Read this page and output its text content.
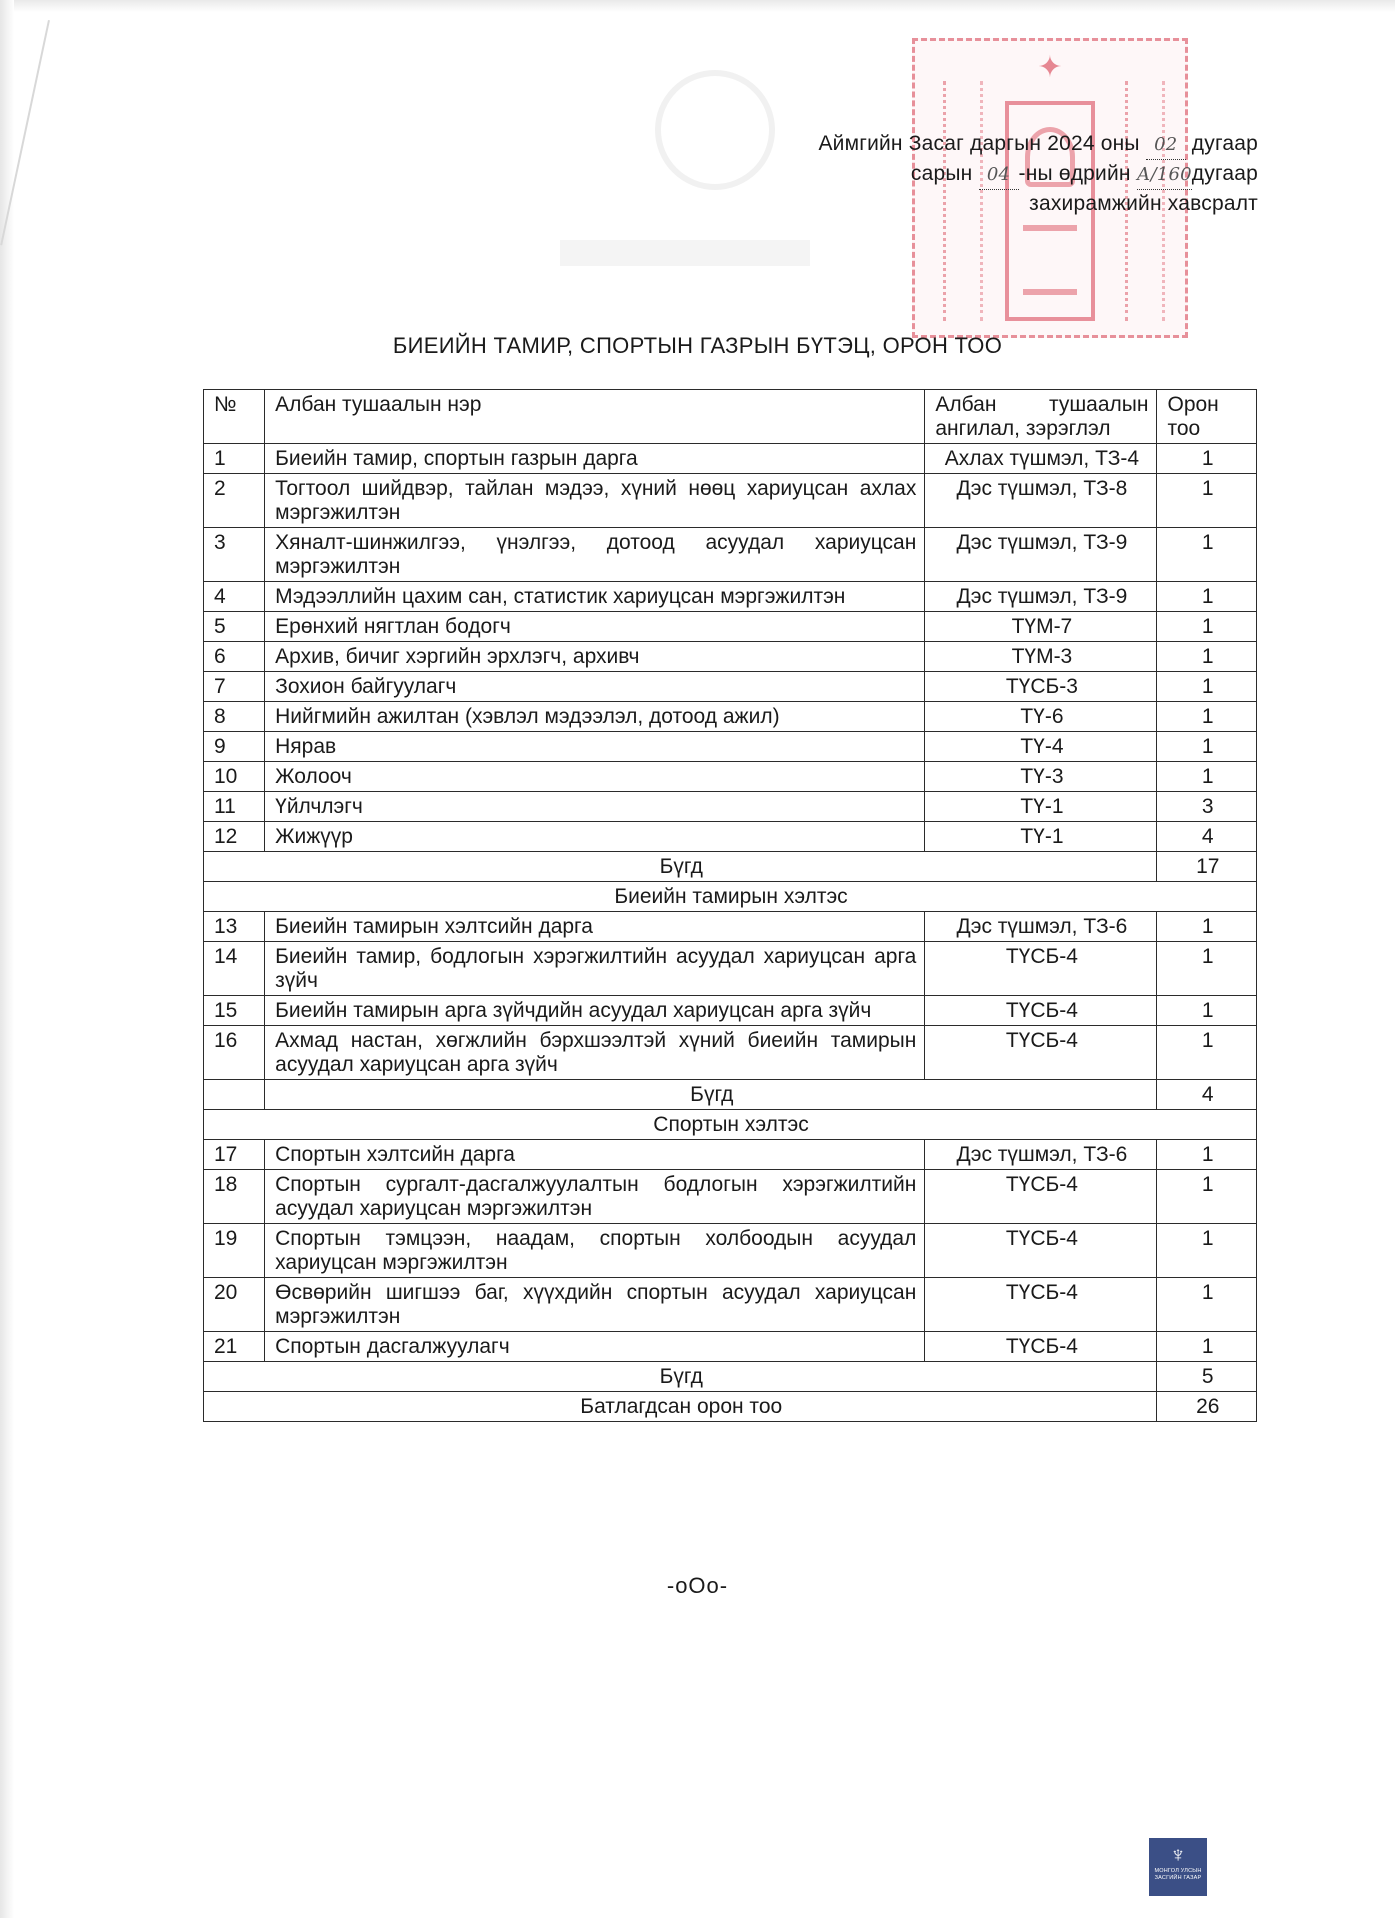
✦
Аймгийн Засаг даргын 2024 оны 02 дугаар
сарын 04 -ны өдрийн А/160дугаар
захирамжийн хавсралт
БИЕИЙН ТАМИР, СПОРТЫН ГАЗРЫН БҮТЭЦ, ОРОН ТОО
№	Албан тушаалын нэр	Албан тушаалын ангилал, зэрэглэл	Орон тоо
1	Биеийн тамир, спортын газрын дарга	Ахлах түшмэл, ТЗ-4	1
2	Тогтоол шийдвэр, тайлан мэдээ, хүний нөөц хариуцсан ахлах мэргэжилтэн	Дэс түшмэл, ТЗ-8	1
3	Хяналт-шинжилгээ, үнэлгээ, дотоод асуудал хариуцсан мэргэжилтэн	Дэс түшмэл, ТЗ-9	1
4	Мэдээллийн цахим сан, статистик хариуцсан мэргэжилтэн	Дэс түшмэл, ТЗ-9	1
5	Ерөнхий нягтлан бодогч	ТҮМ-7	1
6	Архив, бичиг хэргийн эрхлэгч, архивч	ТҮМ-3	1
7	Зохион байгуулагч	ТҮСБ-3	1
8	Нийгмийн ажилтан (хэвлэл мэдээлэл, дотоод ажил)	ТҮ-6	1
9	Нярав	ТҮ-4	1
10	Жолооч	ТҮ-3	1
11	Үйлчлэгч	ТҮ-1	3
12	Жижүүр	ТҮ-1	4
Бүгд			17
Биеийн тамирын хэлтэс			
13	Биеийн тамирын хэлтсийн дарга	Дэс түшмэл, ТЗ-6	1
14	Биеийн тамир, бодлогын хэрэгжилтийн асуудал хариуцсан арга зүйч	ТҮСБ-4	1
15	Биеийн тамирын арга зүйчдийн асуудал хариуцсан арга зүйч	ТҮСБ-4	1
16	Ахмад настан, хөгжлийн бэрхшээлтэй хүний биеийн тамирын асуудал хариуцсан арга зүйч	ТҮСБ-4	1
	Бүгд		4
Спортын хэлтэс			
17	Спортын хэлтсийн дарга	Дэс түшмэл, ТЗ-6	1
18	Спортын сургалт-дасгалжуулалтын бодлогын хэрэгжилтийн асуудал хариуцсан мэргэжилтэн	ТҮСБ-4	1
19	Спортын тэмцээн, наадам, спортын холбоодын асуудал хариуцсан мэргэжилтэн	ТҮСБ-4	1
20	Өсвөрийн шигшээ баг, хүүхдийн спортын асуудал хариуцсан мэргэжилтэн	ТҮСБ-4	1
21	Спортын дасгалжуулагч	ТҮСБ-4	1
Бүгд			5
Батлагдсан орон тоо			26
-oOo-
♆
МОНГОЛ УЛСЫН
ЗАСГИЙН ГАЗАР
